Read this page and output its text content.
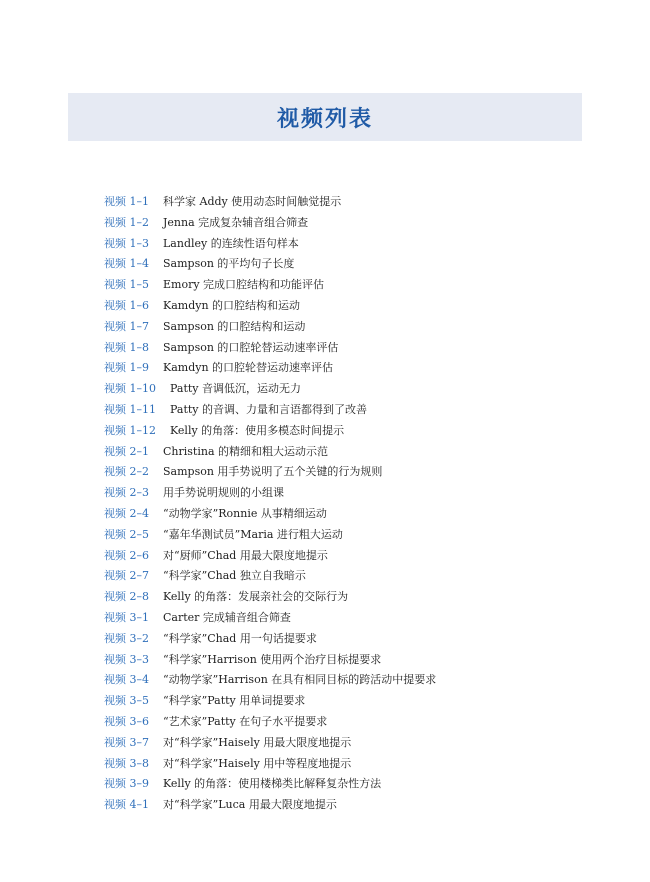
视频列表
视频 1–1 科学家 Addy 使用动态时间触觉提示
视频 1–2 Jenna 完成复杂辅音组合筛查
视频 1–3 Landley 的连续性语句样本
视频 1–4 Sampson 的平均句子长度
视频 1–5 Emory 完成口腔结构和功能评估
视频 1–6 Kamdyn 的口腔结构和运动
视频 1–7 Sampson 的口腔结构和运动
视频 1–8 Sampson 的口腔轮替运动速率评估
视频 1–9 Kamdyn 的口腔轮替运动速率评估
视频 1–10 Patty 音调低沉，运动无力
视频 1–11 Patty 的音调、力量和言语都得到了改善
视频 1–12 Kelly 的角落：使用多模态时间提示
视频 2–1 Christina 的精细和粗大运动示范
视频 2–2 Sampson 用手势说明了五个关键的行为规则
视频 2–3 用手势说明规则的小组课
视频 2–4 “动物学家”Ronnie 从事精细运动
视频 2–5 “嘉年华测试员”Maria 进行粗大运动
视频 2–6 对“厨师”Chad 用最大限度地提示
视频 2–7 “科学家”Chad 独立自我暗示
视频 2–8 Kelly 的角落：发展亲社会的交际行为
视频 3–1 Carter 完成辅音组合筛查
视频 3–2 “科学家”Chad 用一句话提要求
视频 3–3 “科学家”Harrison 使用两个治疗目标提要求
视频 3–4 “动物学家”Harrison 在具有相同目标的跨活动中提要求
视频 3–5 “科学家”Patty 用单词提要求
视频 3–6 “艺术家”Patty 在句子水平提要求
视频 3–7 对“科学家”Haisely 用最大限度地提示
视频 3–8 对“科学家”Haisely 用中等程度地提示
视频 3–9 Kelly 的角落：使用楼梯类比解释复杂性方法
视频 4–1 对“科学家”Luca 用最大限度地提示
